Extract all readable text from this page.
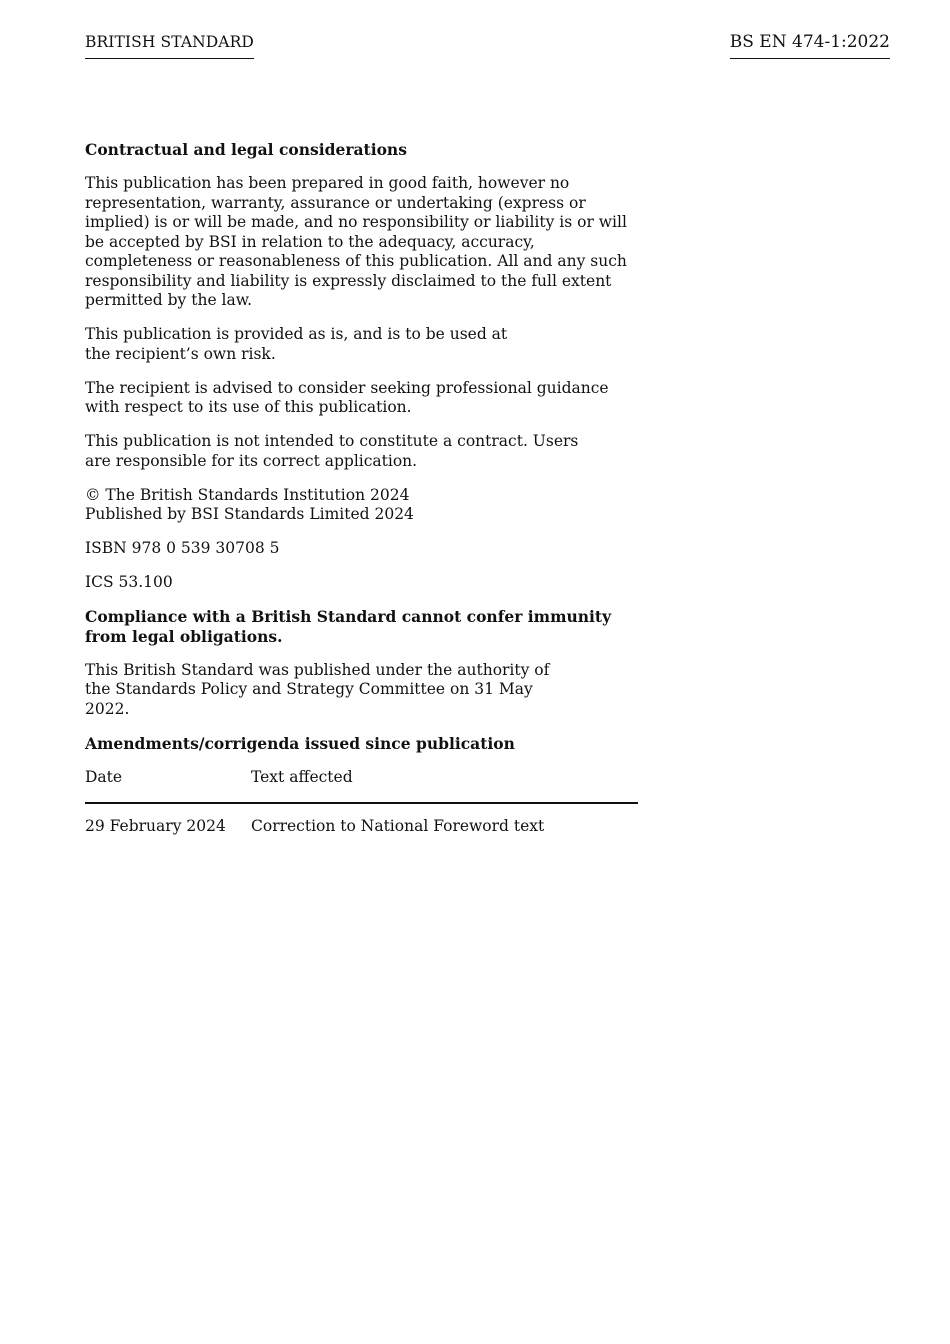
BRITISH STANDARD	BS EN 474-1:2022

Contractual and legal considerations

This publication has been prepared in good faith, however no representation, warranty, assurance or undertaking (express or implied) is or will be made, and no responsibility or liability is or will be accepted by BSI in relation to the adequacy, accuracy, completeness or reasonableness of this publication. All and any such responsibility and liability is expressly disclaimed to the full extent permitted by the law.

This publication is provided as is, and is to be used at the recipient’s own risk.

The recipient is advised to consider seeking professional guidance with respect to its use of this publication.

This publication is not intended to constitute a contract. Users are responsible for its correct application.

© The British Standards Institution 2024
Published by BSI Standards Limited 2024

ISBN 978 0 539 30708 5

ICS 53.100

Compliance with a British Standard cannot confer immunity from legal obligations.

This British Standard was published under the authority of the Standards Policy and Strategy Committee on 31 May 2022.

Amendments/corrigenda issued since publication

Date	Text affected
29 February 2024	Correction to National Foreword text
